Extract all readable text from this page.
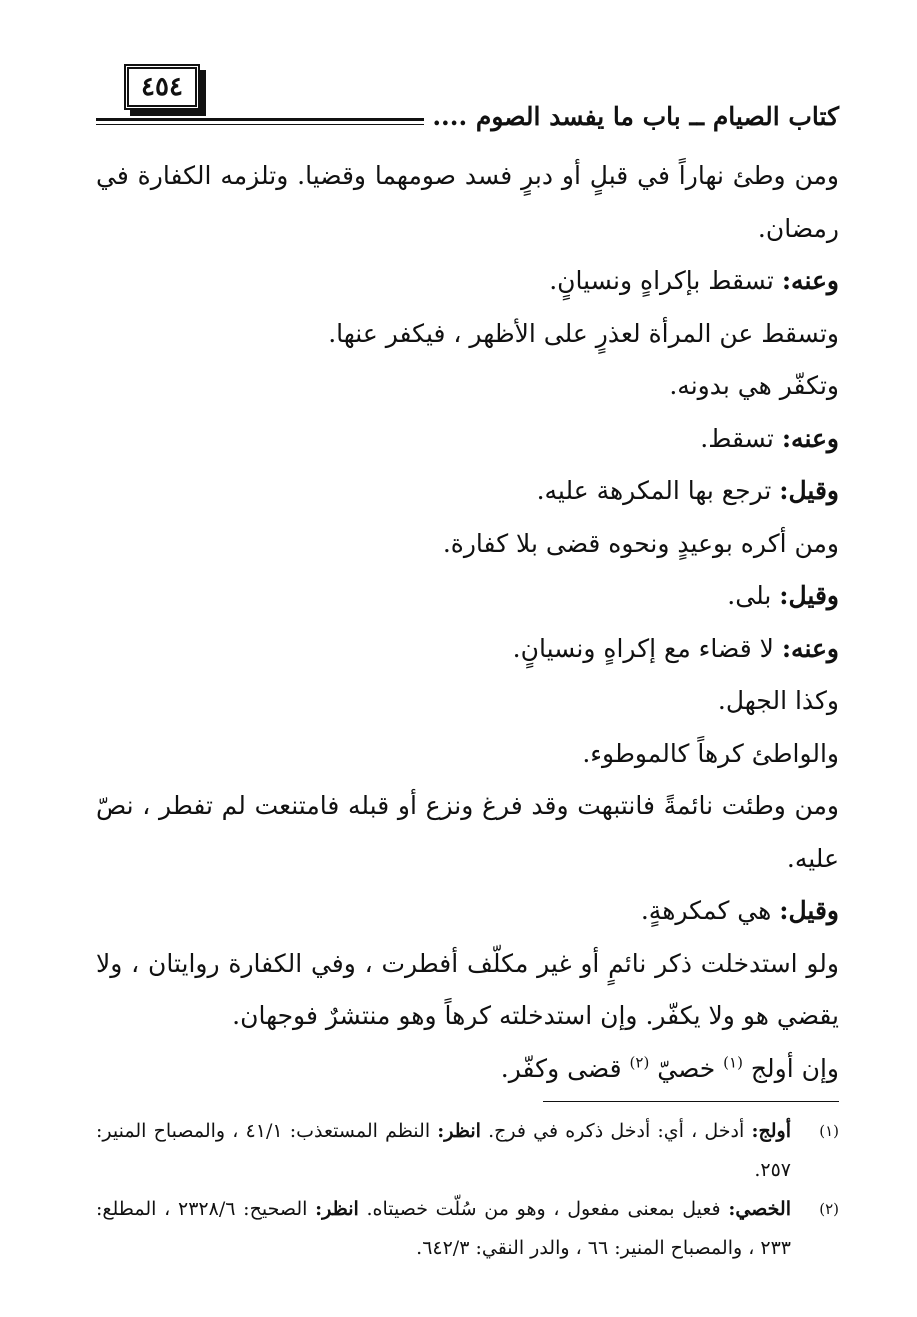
٤٥٤
كتاب الصيام ــ باب ما يفسد الصوم ....

ومن وطئ نهاراً في قبلٍ أو دبرٍ فسد صومهما وقضيا. وتلزمه الكفارة في رمضان.

وعنه: تسقط بإكراهٍ ونسيانٍ.

وتسقط عن المرأة لعذرٍ على الأظهر ، فيكفر عنها.

وتكفّر هي بدونه.

وعنه: تسقط.

وقيل: ترجع بها المكرهة عليه.

ومن أكره بوعيدٍ ونحوه قضى بلا كفارة.

وقيل: بلى.

وعنه: لا قضاء مع إكراهٍ ونسيانٍ.

وكذا الجهل.

والواطئ كرهاً كالموطوء.

ومن وطئت نائمةً فانتبهت وقد فرغ ونزع أو قبله فامتنعت لم تفطر ، نصّ عليه.

وقيل: هي كمكرهةٍ.

ولو استدخلت ذكر نائمٍ أو غير مكلّف أفطرت ، وفي الكفارة روايتان ، ولا يقضي هو ولا يكفّر. وإن استدخلته كرهاً وهو منتشرٌ فوجهان.

وإن أولج $^{(١)}$ خصيّ $^{(٢)}$ قضى وكفّر.

(١)
أولج: أدخل ، أي: أدخل ذكره في فرج. انظر: النظم المستعذب: ٤١/١ ، والمصباح المنير: ٢٥٧.
(٢)
الخصي: فعيل بمعنى مفعول ، وهو من سُلّت خصيتاه. انظر: الصحيح: ٢٣٢٨/٦ ، المطلع: ٢٣٣ ، والمصباح المنير: ٦٦ ، والدر النقي: ٦٤٢/٣.
